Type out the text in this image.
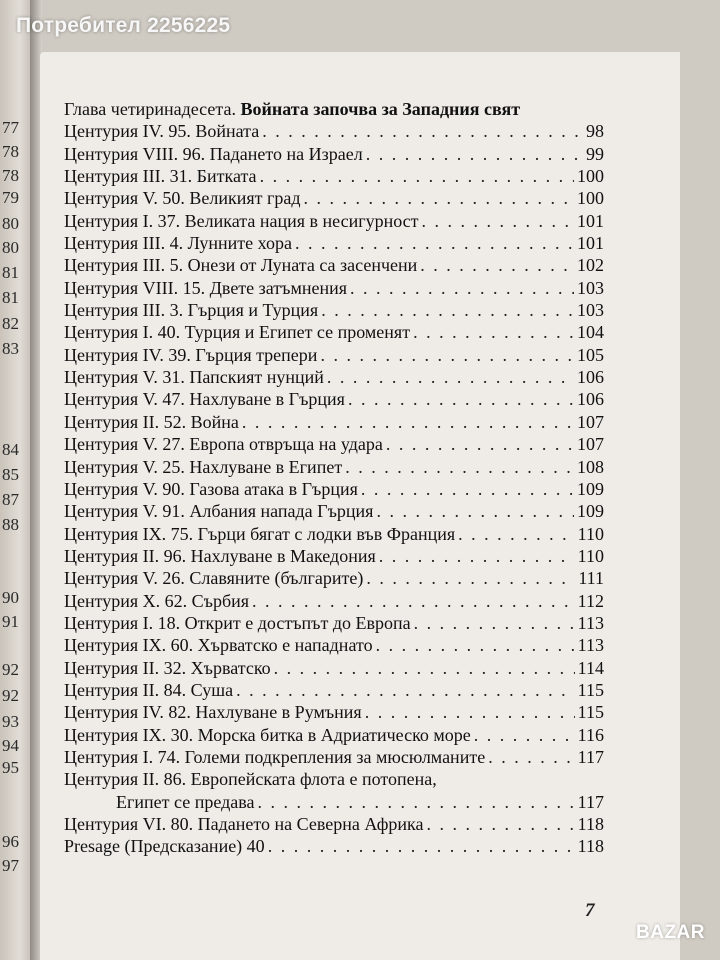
77
78
78
79
80
80
81
81
82
83
84
85
87
88
90
91
92
92
93
94
95
96
97
Потребител 2256225
Глава четиринадесета. Войната започва за Западния свят
Центурия IV. 95. Войната . . .	98
Центурия VIII. 96. Падането на Израел . . .	99
Центурия III. 31. Битката . . .	100
Центурия V. 50. Великият град . . .	100
Центурия I. 37. Великата нация в несигурност . . .	101
Центурия III. 4. Лунните хора . . .	101
Центурия III. 5. Онези от Луната са засенчени . . .	102
Центурия VIII. 15. Двете затъмнения . . .	103
Центурия III. 3. Гърция и Турция . . .	103
Центурия I. 40. Турция и Египет се променят . . .	104
Центурия IV. 39. Гърция трепери . . .	105
Центурия V. 31. Папският нунций . . .	106
Центурия V. 47. Нахлуване в Гърция . . .	106
Центурия II. 52. Война . . .	107
Центурия V. 27. Европа отвръща на удара . . .	107
Центурия V. 25. Нахлуване в Египет . . .	108
Центурия V. 90. Газова атака в Гърция . . .	109
Центурия V. 91. Албания напада Гърция . . .	109
Центурия IX. 75. Гърци бягат с лодки във Франция . . .	110
Центурия II. 96. Нахлуване в Македония . . .	110
Центурия V. 26. Славяните (българите) . . .	111
Центурия X. 62. Сърбия . . .	112
Центурия I. 18. Открит е достъпът до Европа . . .	113
Центурия IX. 60. Хърватско е нападнато . . .	113
Центурия II. 32. Хърватско . . .	114
Центурия II. 84. Суша . . .	115
Центурия IV. 82. Нахлуване в Румъния . . .	115
Центурия IX. 30. Морска битка в Адриатическо море . . .	116
Центурия I. 74. Големи подкрепления за мюсюлманите . . .	117
Центурия II. 86. Европейската флота е потопена,
Египет се предава . . .	117
Центурия VI. 80. Падането на Северна Африка . . .	118
Presage (Предсказание) 40 . . .	118
7
BAZAR
